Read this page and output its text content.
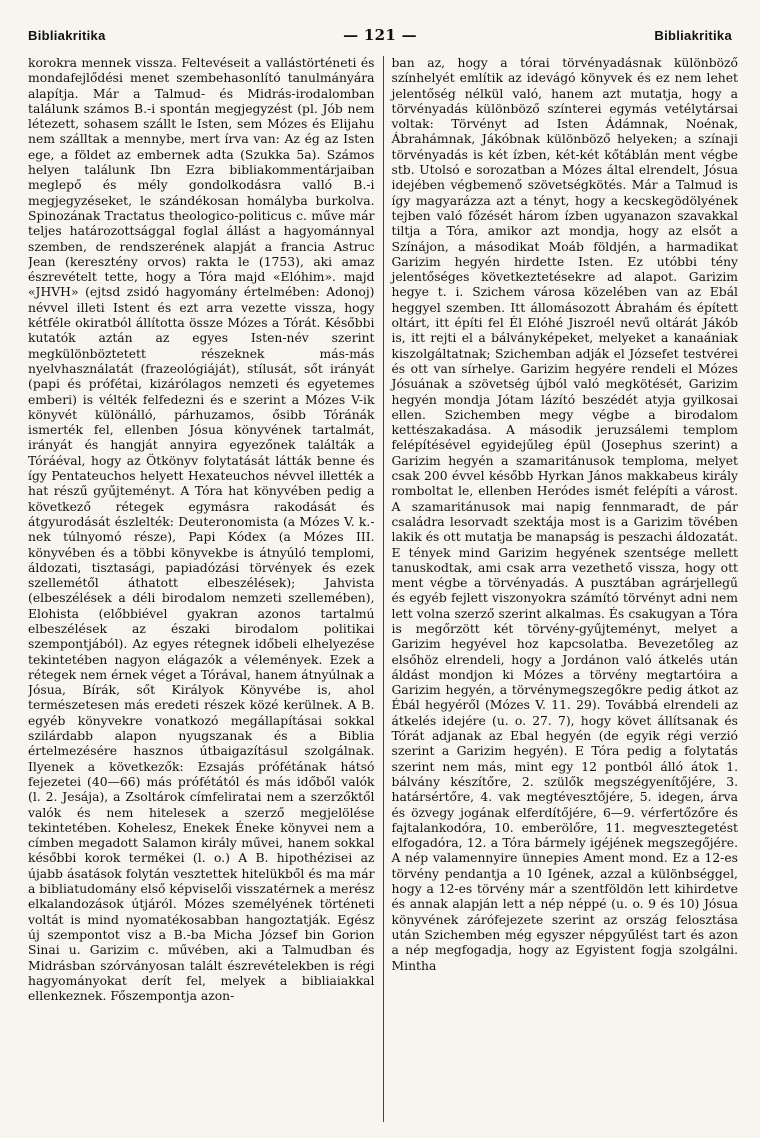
Bibliakritika	— 121 —	Bibliakritika

korokra mennek vissza. Feltevéseit a vallástörténeti és mondafejlődési menet szembehasonlító tanulmányára alapítja. Már a Talmud- és Midrás-irodalomban találunk számos B.-i spontán megjegyzést (pl. Jób nem létezett, sohasem szállt le Isten, sem Mózes és Elijahu nem szálltak a mennybe, mert írva van: Az ég az Isten ege, a földet az embernek adta (Szukka 5a). Számos helyen találunk Ibn Ezra bibliakommentárjaiban meglepő és mély gondolkodásra valló B.-i megjegyzéseket, le szándékosan homályba burkolva. Spinozának Tractatus theologico-politicus c. műve már teljes határozottsággal foglal állást a hagyománnyal szemben, de rendszerének alapját a franciа Astruc Jean (keresztény orvos) rakta le (1753), aki amaz észrevételt tette, hogy a Tóra majd «Elóhim». majd «JHVH» (ejtsd zsidó hagyomány értelmében: Adonoj) névvel illeti Istent és ezt arra vezette vissza, hogy kétféle okiratból állította össze Mózes a Tórát. Későbbi kutatók aztán az egyes Isten-név szerint megkülönböztetett részeknek más-más nyelvhasználatát (frazeológiáját), stílusát, sőt irányát (papi és prófétai, kizárólagos nemzeti és egyetemes emberi) is vélték felfedezni és e szerint a Mózes V-ik könyvét különálló, párhuzamos, ősibb Tóránák ismerték fel, ellenben Jósua könyvének tartalmát, irányát és hangját annyira egyezőnek találták a Tóráéval, hogy az Ötkönyv folytatását látták benne és így Pentateuchos helyett Hexateuchos névvel illették a hat részű gyűjteményt. A Tóra hat könyvében pedig a következő rétegek egymásra rakodását és átgyurodását észlelték: Deuteronomista (a Mózes V. k.-nek túlnyomó része), Papi Kódex (a Mózes III. könyvében és a többi könyvekbe is átnyúló templomi, áldozati, tisztasági, papiadózási törvények és ezek szellemétől áthatott elbeszélések); Jahvista (elbeszélések a déli birodalom nemzeti szellemében), Elohista (előbbiével gyakran azonos tartalmú elbeszélések az északi birodalom politikai szempontjából). Az egyes rétegnek időbeli elhelyezése tekintetében nagyon elágazók a vélemények. Ezek a rétegek nem érnek véget a Tórával, hanem átnyúlnak a Jósua, Bírák, sőt Királyok Könyvébe is, ahol természetesen más eredeti részek közé kerülnek. A B. egyéb könyvekre vonatkozó megállapításai sokkal szilárdabb alapon nyugszanak és a Biblia értelmezésére hasznos útbaigazításul szolgálnak. Ilyenek a következők: Ezsajás prófétának hátsó fejezetei (40—66) más prófétától és más időből valók (l. 2. Jesája), a Zsoltárok címfeliratai nem a szerzőktől valók és nem hitelesek a szerző megjelölése tekintetében. Kohelesz, Enekek Éneke könyvei nem a címben megadott Salamon király művei, hanem sokkal későbbi korok termékei (l. o.) A B. hipothézisei az újabb ásatások folytán vesztettek hitelükből és ma már a bibliatudomány első képviselői visszatérnek a merész elkalandozások útjáról. Mózes személyének történeti voltát is mind nyomatékosabban hangoztatják. Egész új szempontot visz a B.-ba Micha József bin Gorion Sinai u. Garizim c. művében, aki a Talmudban és Midrásban szórványosan talált észrevételekben is régi hagyományokat derít fel, melyek a bibliaiakkal ellenkeznek. Főszempontja azon-

ban az, hogy a tórai törvényadásnak különböző színhelyét említik az idevágó könyvek és ez nem lehet jelentőség nélkül való, hanem azt mutatja, hogy a törvényadás különböző színterei egymás vetélytársai voltak: Törvényt ad Isten Ádámnak, Noénak, Ábrahámnak, Jákóbnak különböző helyeken; a színaji törvényadás is két ízben, két-két kőtáblán ment végbe stb. Utolsó e sorozatban a Mózes által elrendelt, Jósua idejében végbemenő szövetségkötés. Már a Talmud is így magyarázza azt a tényt, hogy a kecskegödölyének tejben való főzését három ízben ugyanazon szavakkal tiltja a Tóra, amikor azt mondja, hogy az elsőt a Színájon, a másodikat Moáb földjén, a harmadikat Garizim hegyén hirdette Isten. Ez utóbbi tény jelentőséges következtetésekre ad alapot. Garizim hegye t. i. Szichem városa közelében van az Ebál heggyel szemben. Itt állomásozott Ábrahám és épített oltárt, itt építi fel Él Elóhé Jiszroél nevű oltárát Jákób is, itt rejti el a bálványképeket, melyeket a kanaániak kiszolgáltatnak; Szichemban adják el Józsefet testvérei és ott van sírhelye. Garizim hegyére rendeli el Mózes Jósuának a szövetség újból való megkötését, Garizim hegyén mondja Jótam lázító beszédét atyja gyilkosai ellen. Szichemben megy végbe a birodalom kettészakadása. A második jeruzsálemi templom felépítésével egyidejűleg épül (Josephus szerint) a Garizim hegyén a szamaritánusok temploma, melyet csak 200 évvel később Hyrkan János makkabeus király romboltat le, ellenben Heródes ismét felépíti a várost. A szamaritánusok mai napig fennmaradt, de pár családra lesorvadt szektája most is a Garizim tövében lakik és ott mutatja be manapság is peszachi áldozatát. E tények mind Garizim hegyének szentsége mellett tanuskodtak, ami csak arra vezethető vissza, hogy ott ment végbe a törvényadás. A pusztában agrárjellegű és egyéb fejlett viszonyokra számító törvényt adni nem lett volna szerző szerint alkalmas. És csakugyan a Tóra is megőrzött két törvény-gyűjteményt, melyet a Garizim hegyével hoz kapcsolatba. Bevezetőleg az elsőhöz elrendeli, hogy a Jordánon való átkelés után áldást mondjon ki Mózes a törvény megtartóira a Garizim hegyén, a törvénymegszegőkre pedig átkot az Ébál hegyéről (Mózes V. 11. 29). Továbbá elrendeli az átkelés idejére (u. o. 27. 7), hogy követ állítsanak és Tórát adjanak az Ebal hegyén (de egyik régi verzió szerint a Garizim hegyén). E Tóra pedig a folytatás szerint nem más, mint egy 12 pontból álló átok 1. bálvány készítőre, 2. szülők megszégyenítőjére, 3. határsértőre, 4. vak megtévesztőjére, 5. idegen, árva és özvegy jogának elferdítőjére, 6—9. vérfertőzőre és fajtalankodóra, 10. emberölőre, 11. megvesztegetést elfogadóra, 12. a Tóra bármely igéjének megszegőjére. A nép valamennyire ünnepies Ament mond. Ez a 12-es törvény pendantja a 10 Igének, azzal a különbséggel, hogy a 12-es törvény már a szentföldön lett kihirdetve és annak alapján lett a nép néppé (u. o. 9 és 10) Jósua könyvének zárófejezete szerint az ország felosztása után Szichemben még egyszer népgyűlést tart és azon a nép megfogadja, hogy az Egyistent fogja szolgálni. Mintha
